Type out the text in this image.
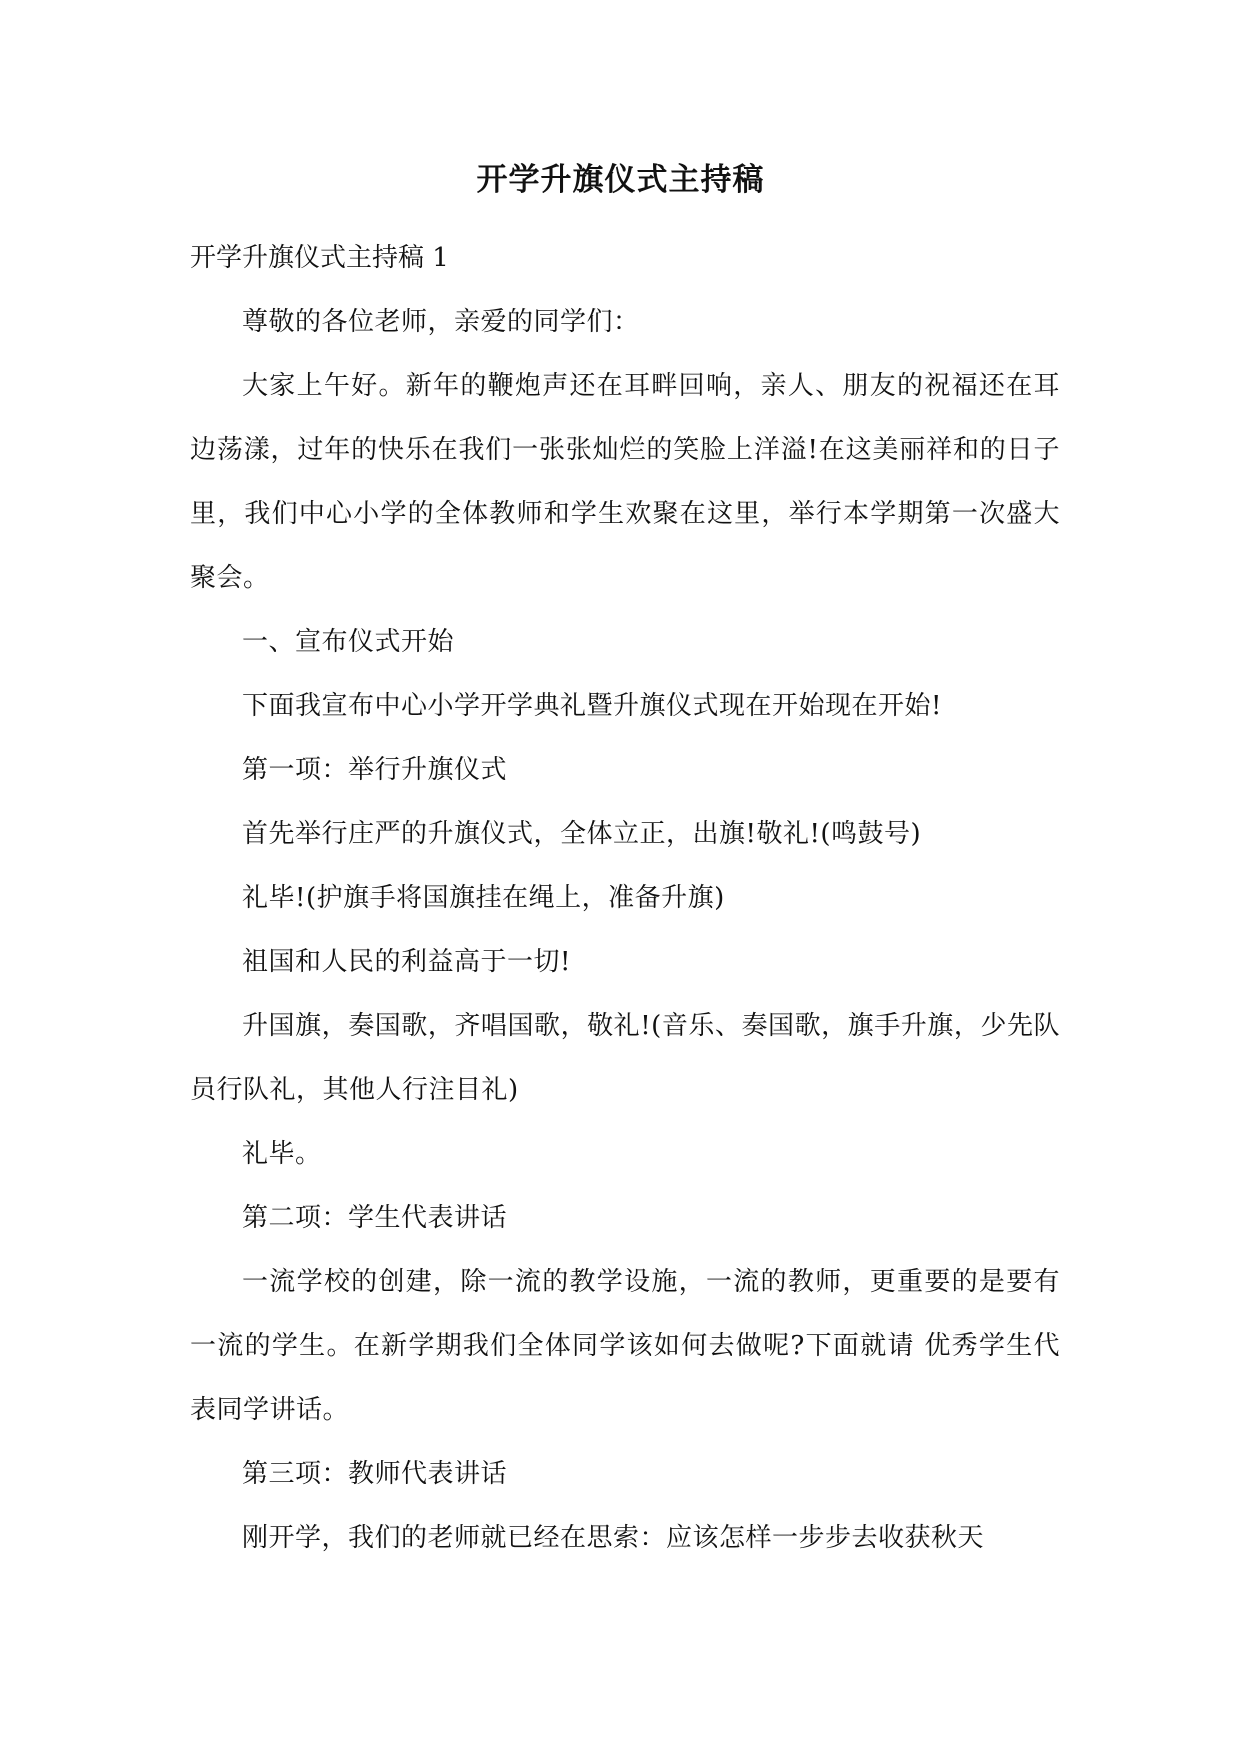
开学升旗仪式主持稿

开学升旗仪式主持稿 1

尊敬的各位老师，亲爱的同学们：

大家上午好。新年的鞭炮声还在耳畔回响，亲人、朋友的祝福还在耳边荡漾，过年的快乐在我们一张张灿烂的笑脸上洋溢!在这美丽祥和的日子里，我们中心小学的全体教师和学生欢聚在这里，举行本学期第一次盛大聚会。

一、宣布仪式开始

下面我宣布中心小学开学典礼暨升旗仪式现在开始现在开始!

第一项：举行升旗仪式

首先举行庄严的升旗仪式，全体立正，出旗!敬礼!(鸣鼓号)

礼毕!(护旗手将国旗挂在绳上，准备升旗)

祖国和人民的利益高于一切!

升国旗，奏国歌，齐唱国歌，敬礼!(音乐、奏国歌，旗手升旗，少先队员行队礼，其他人行注目礼)

礼毕。

第二项：学生代表讲话

一流学校的创建，除一流的教学设施，一流的教师，更重要的是要有一流的学生。在新学期我们全体同学该如何去做呢?下面就请 优秀学生代表同学讲话。

第三项：教师代表讲话

刚开学，我们的老师就已经在思索：应该怎样一步步去收获秋天
